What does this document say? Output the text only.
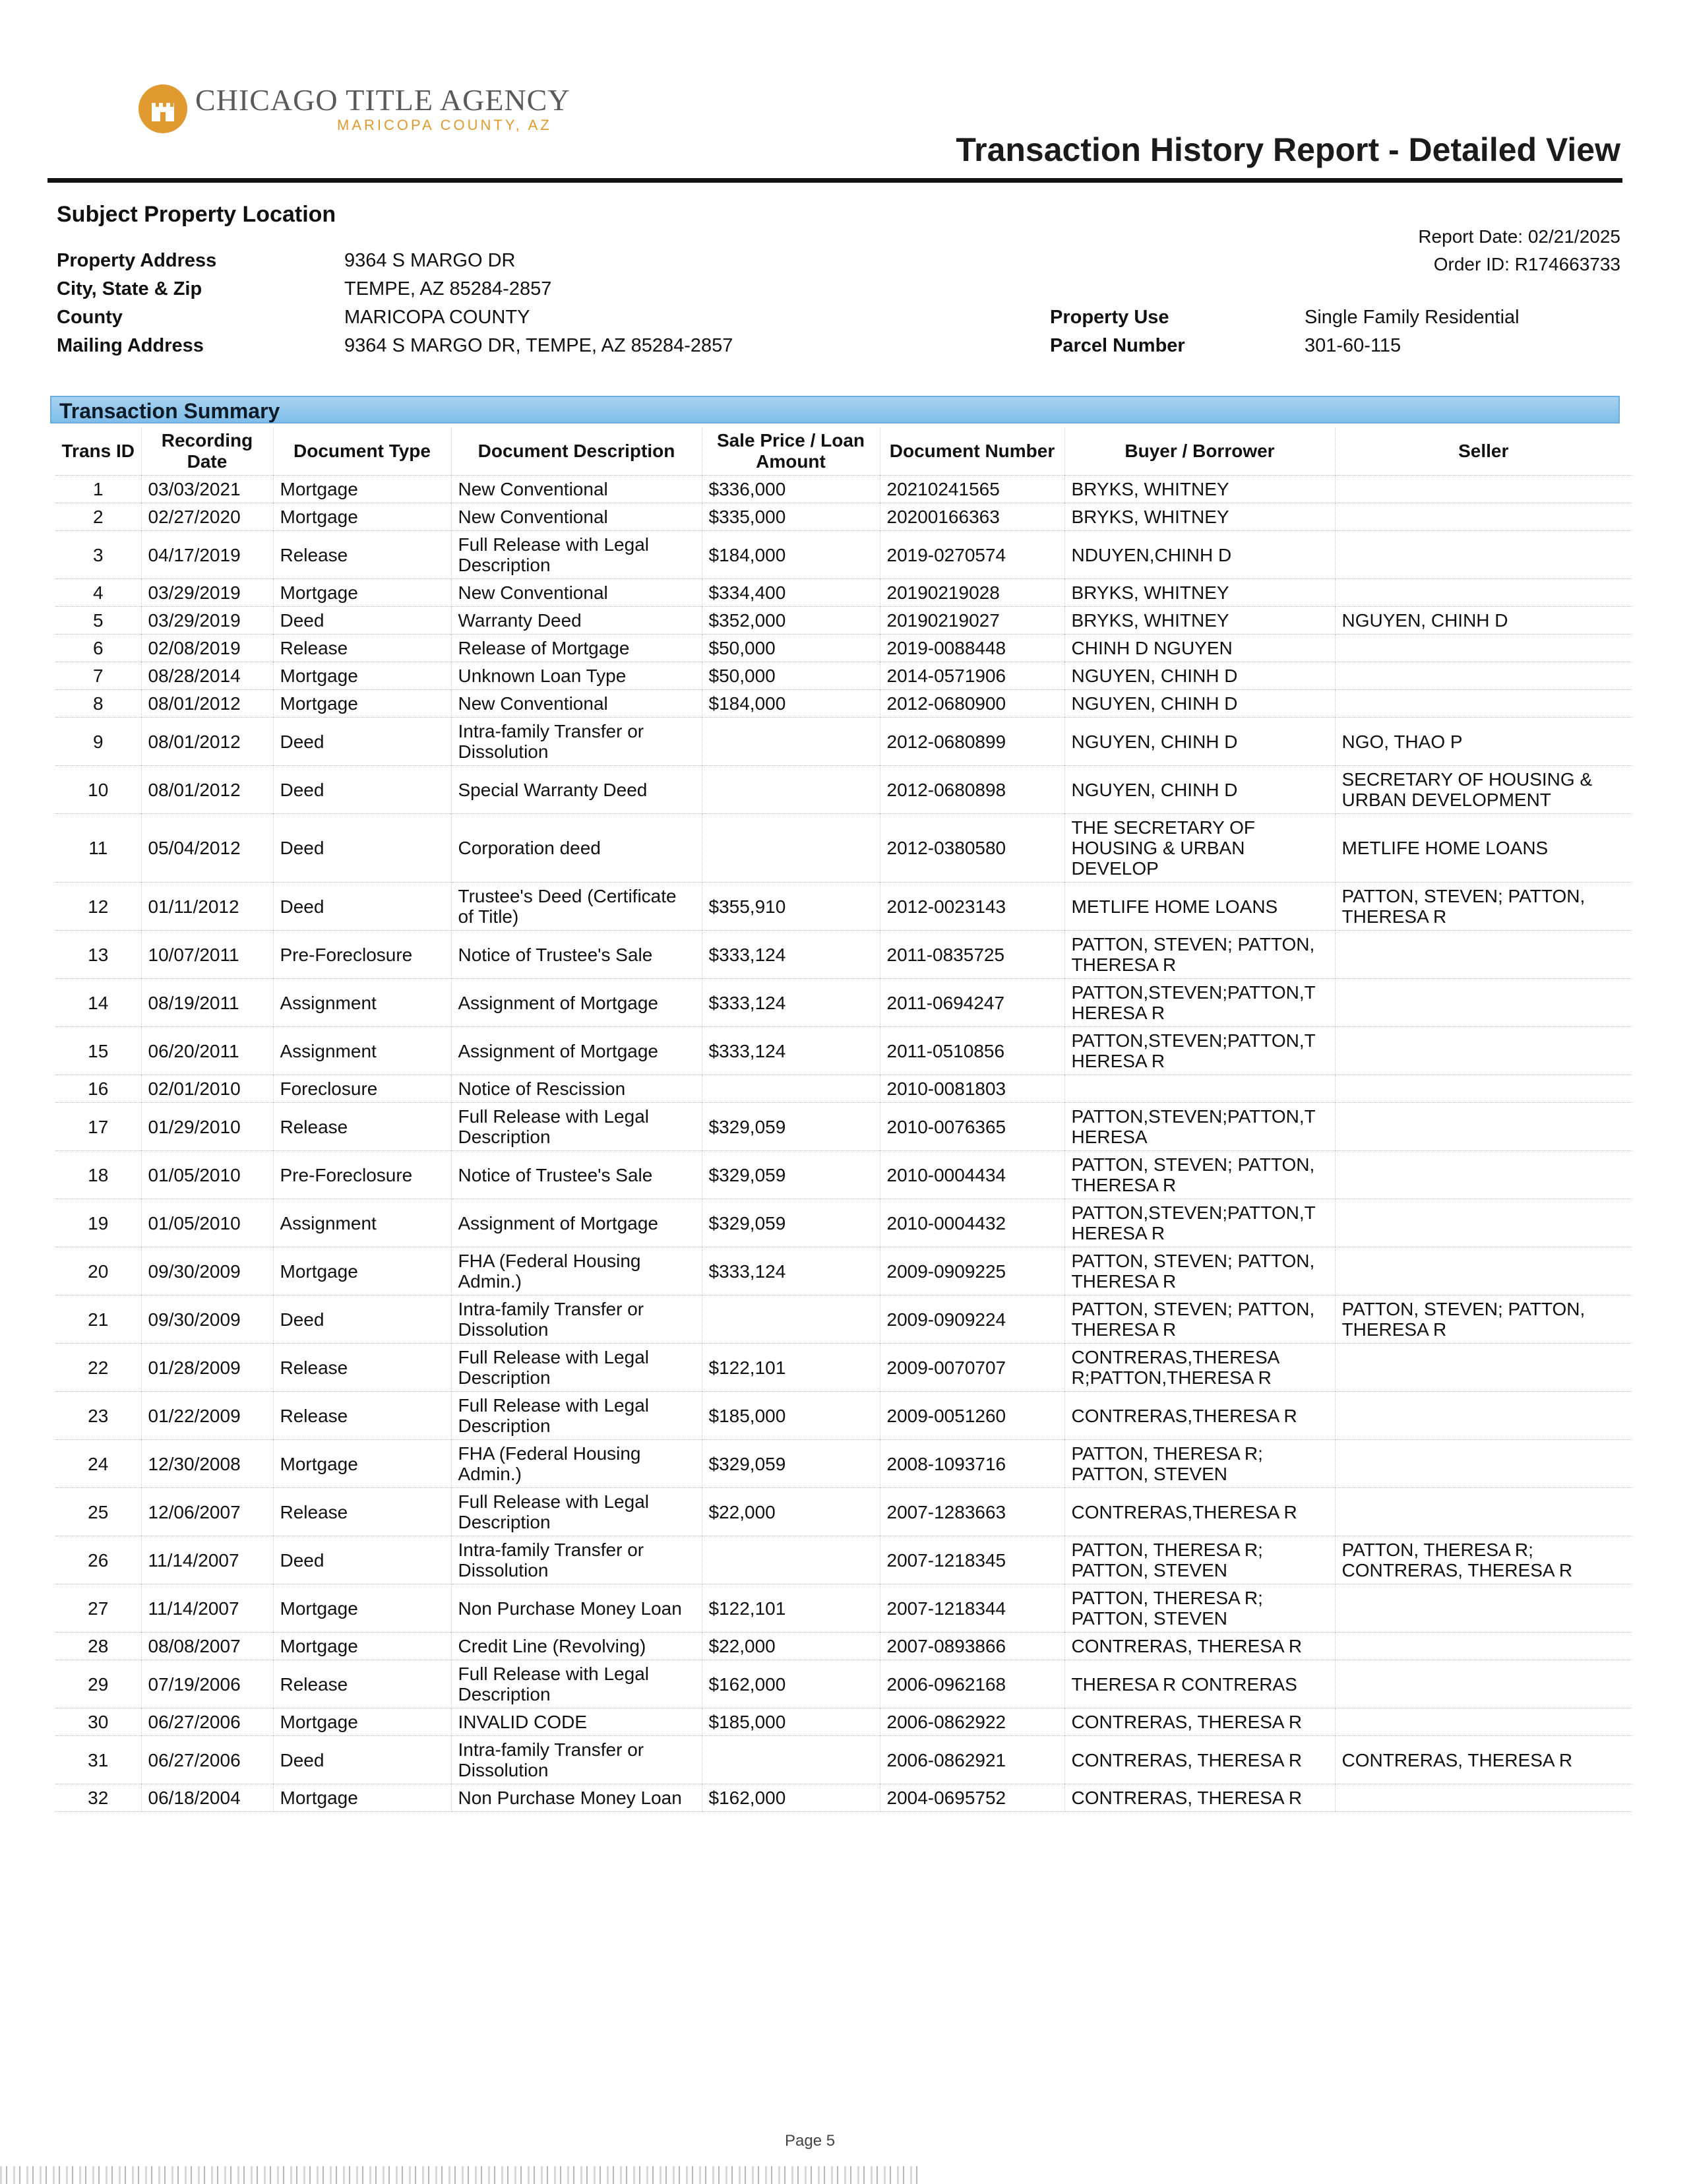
CHICAGO TITLE AGENCY
MARICOPA COUNTY, AZ
Transaction History Report - Detailed View
Subject Property Location
Report Date: 02/21/2025
Order ID: R174663733
Property Address	9364 S MARGO DR
City, State & Zip	TEMPE, AZ 85284-2857
County	MARICOPA COUNTY
Mailing Address	9364 S MARGO DR, TEMPE, AZ 85284-2857
Property Use	Single Family Residential
Parcel Number	301-60-115
Transaction Summary
Trans ID	Recording Date	Document Type	Document Description	Sale Price / Loan Amount	Document Number	Buyer / Borrower	Seller
1	03/03/2021	Mortgage	New Conventional	$336,000	20210241565	BRYKS, WHITNEY	
2	02/27/2020	Mortgage	New Conventional	$335,000	20200166363	BRYKS, WHITNEY	
3	04/17/2019	Release	Full Release with Legal Description	$184,000	2019-0270574	NDUYEN,CHINH D	
4	03/29/2019	Mortgage	New Conventional	$334,400	20190219028	BRYKS, WHITNEY	
5	03/29/2019	Deed	Warranty Deed	$352,000	20190219027	BRYKS, WHITNEY	NGUYEN, CHINH D
6	02/08/2019	Release	Release of Mortgage	$50,000	2019-0088448	CHINH D NGUYEN	
7	08/28/2014	Mortgage	Unknown Loan Type	$50,000	2014-0571906	NGUYEN, CHINH D	
8	08/01/2012	Mortgage	New Conventional	$184,000	2012-0680900	NGUYEN, CHINH D	
9	08/01/2012	Deed	Intra-family Transfer or Dissolution		2012-0680899	NGUYEN, CHINH D	NGO, THAO P
10	08/01/2012	Deed	Special Warranty Deed		2012-0680898	NGUYEN, CHINH D	SECRETARY OF HOUSING & URBAN DEVELOPMENT
11	05/04/2012	Deed	Corporation deed		2012-0380580	THE SECRETARY OF HOUSING & URBAN DEVELOP	METLIFE HOME LOANS
12	01/11/2012	Deed	Trustee's Deed (Certificate of Title)	$355,910	2012-0023143	METLIFE HOME LOANS	PATTON, STEVEN; PATTON, THERESA R
13	10/07/2011	Pre-Foreclosure	Notice of Trustee's Sale	$333,124	2011-0835725	PATTON, STEVEN; PATTON, THERESA R	
14	08/19/2011	Assignment	Assignment of Mortgage	$333,124	2011-0694247	PATTON,STEVEN;PATTON,T HERESA R	
15	06/20/2011	Assignment	Assignment of Mortgage	$333,124	2011-0510856	PATTON,STEVEN;PATTON,T HERESA R	
16	02/01/2010	Foreclosure	Notice of Rescission		2010-0081803		
17	01/29/2010	Release	Full Release with Legal Description	$329,059	2010-0076365	PATTON,STEVEN;PATTON,T HERESA	
18	01/05/2010	Pre-Foreclosure	Notice of Trustee's Sale	$329,059	2010-0004434	PATTON, STEVEN; PATTON, THERESA R	
19	01/05/2010	Assignment	Assignment of Mortgage	$329,059	2010-0004432	PATTON,STEVEN;PATTON,T HERESA R	
20	09/30/2009	Mortgage	FHA (Federal Housing Admin.)	$333,124	2009-0909225	PATTON, STEVEN; PATTON, THERESA R	
21	09/30/2009	Deed	Intra-family Transfer or Dissolution		2009-0909224	PATTON, STEVEN; PATTON, THERESA R	PATTON, STEVEN; PATTON, THERESA R
22	01/28/2009	Release	Full Release with Legal Description	$122,101	2009-0070707	CONTRERAS,THERESA R;PATTON,THERESA R	
23	01/22/2009	Release	Full Release with Legal Description	$185,000	2009-0051260	CONTRERAS,THERESA R	
24	12/30/2008	Mortgage	FHA (Federal Housing Admin.)	$329,059	2008-1093716	PATTON, THERESA R; PATTON, STEVEN	
25	12/06/2007	Release	Full Release with Legal Description	$22,000	2007-1283663	CONTRERAS,THERESA R	
26	11/14/2007	Deed	Intra-family Transfer or Dissolution		2007-1218345	PATTON, THERESA R; PATTON, STEVEN	PATTON, THERESA R; CONTRERAS, THERESA R
27	11/14/2007	Mortgage	Non Purchase Money Loan	$122,101	2007-1218344	PATTON, THERESA R; PATTON, STEVEN	
28	08/08/2007	Mortgage	Credit Line (Revolving)	$22,000	2007-0893866	CONTRERAS, THERESA R	
29	07/19/2006	Release	Full Release with Legal Description	$162,000	2006-0962168	THERESA R CONTRERAS	
30	06/27/2006	Mortgage	INVALID CODE	$185,000	2006-0862922	CONTRERAS, THERESA R	
31	06/27/2006	Deed	Intra-family Transfer or Dissolution		2006-0862921	CONTRERAS, THERESA R	CONTRERAS, THERESA R
32	06/18/2004	Mortgage	Non Purchase Money Loan	$162,000	2004-0695752	CONTRERAS, THERESA R	
Page 5
